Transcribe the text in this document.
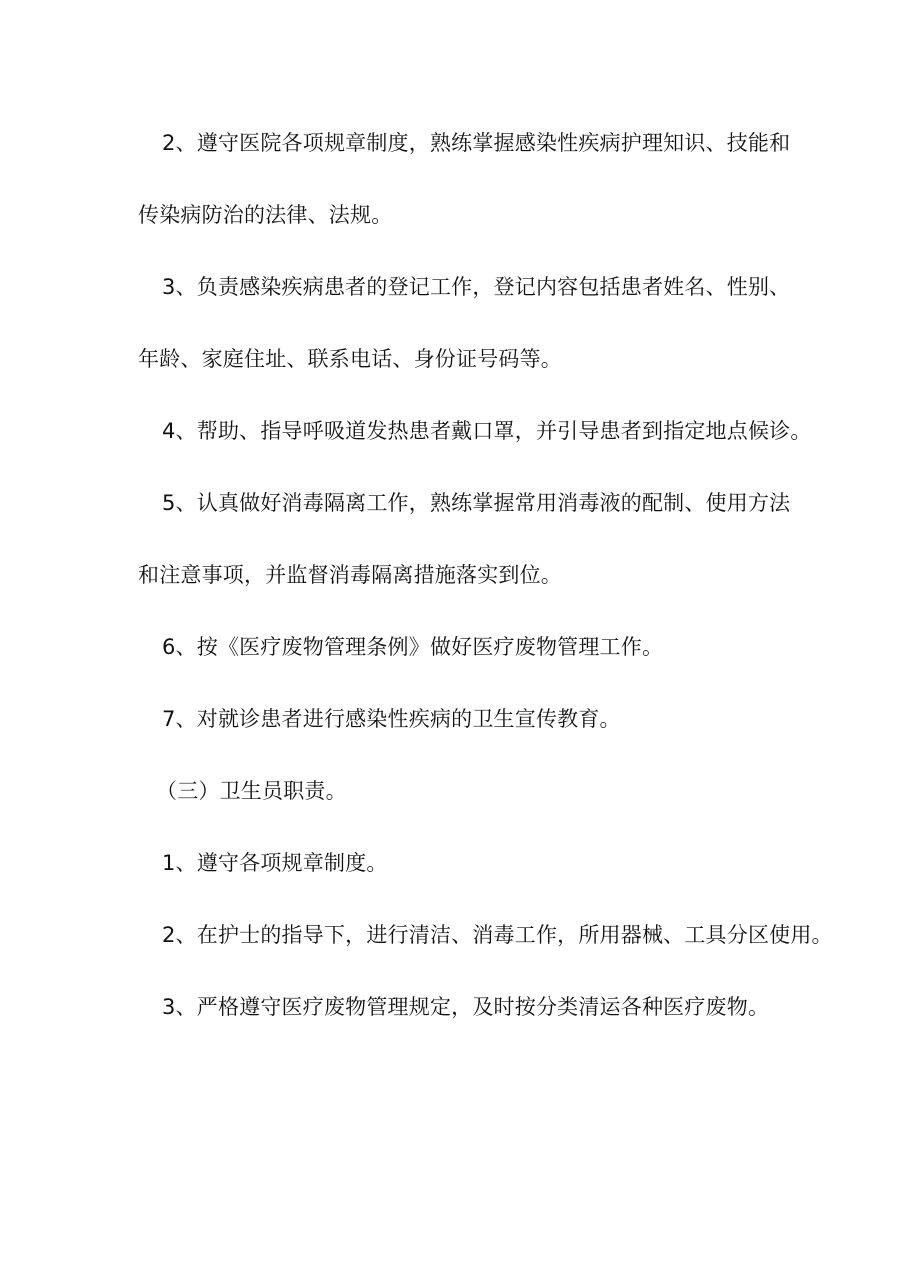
2、遵守医院各项规章制度，熟练掌握感染性疾病护理知识、技能和
传染病防治的法律、法规。
3、负责感染疾病患者的登记工作，登记内容包括患者姓名、性别、
年龄、家庭住址、联系电话、身份证号码等。
4、帮助、指导呼吸道发热患者戴口罩，并引导患者到指定地点候诊。
5、认真做好消毒隔离工作，熟练掌握常用消毒液的配制、使用方法
和注意事项，并监督消毒隔离措施落实到位。
6、按《医疗废物管理条例》做好医疗废物管理工作。
7、对就诊患者进行感染性疾病的卫生宣传教育。
（三）卫生员职责。
1、遵守各项规章制度。
2、在护士的指导下，进行清洁、消毒工作，所用器械、工具分区使用。
3、严格遵守医疗废物管理规定，及时按分类清运各种医疗废物。
